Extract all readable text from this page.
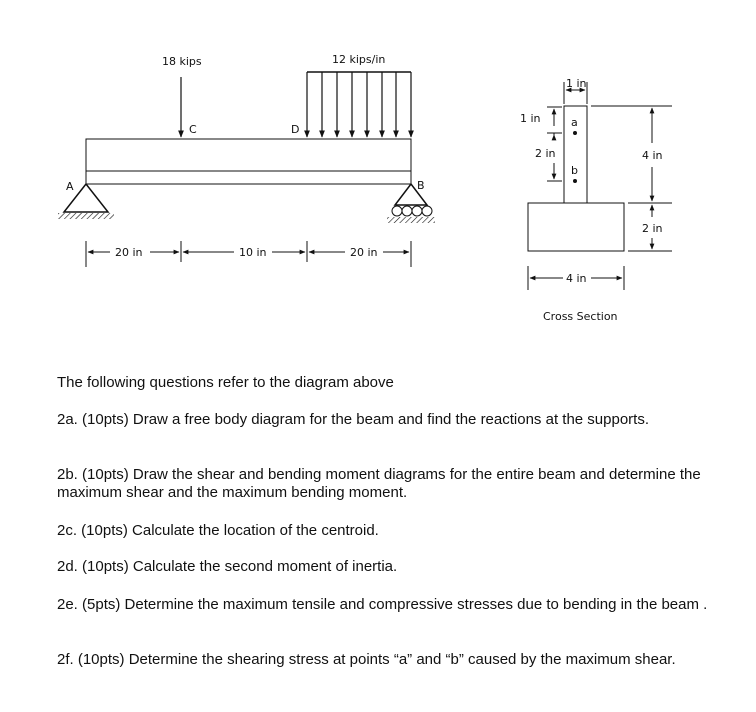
A	B
18 kips
C
12 kips/in
D
20 in	10 in	20 in
a
b
1 in
1 in
2 in	4 in
2 in
4 in
Cross Section

The following questions refer to the diagram above

2a. (10pts) Draw a free body diagram for the beam and find the reactions at the supports.

2b. (10pts) Draw the shear and bending moment diagrams for the entire beam and determine the maximum shear and the maximum bending moment.

2c. (10pts) Calculate the location of the centroid.

2d. (10pts) Calculate the second moment of inertia.

2e. (5pts) Determine the maximum tensile and compressive stresses due to bending in the beam .

2f. (10pts) Determine the shearing stress at points “a” and “b” caused by the maximum shear.
